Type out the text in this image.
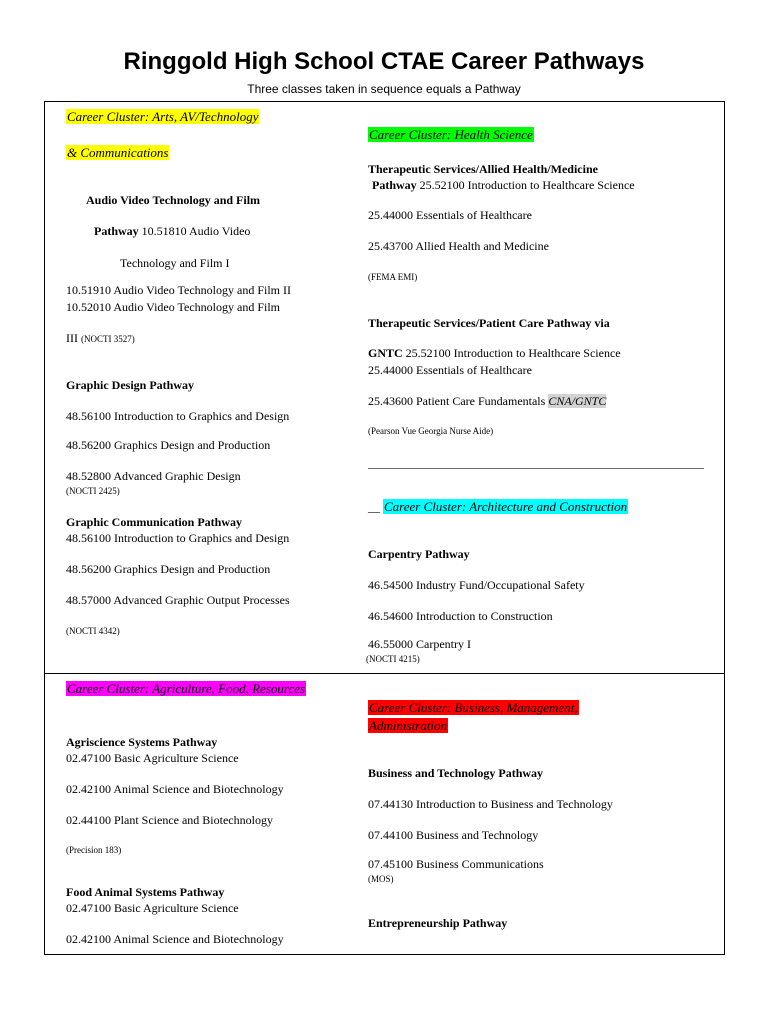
Ringgold High School CTAE Career Pathways
Three classes taken in sequence equals a Pathway
Career Cluster: Arts, AV/Technology
& Communications
Audio Video Technology and Film
Pathway 10.51810 Audio Video
Technology and Film I
10.51910 Audio Video Technology and Film II
10.52010 Audio Video Technology and Film
III (NOCTI 3527)
Graphic Design Pathway
48.56100 Introduction to Graphics and Design
48.56200 Graphics Design and Production
48.52800 Advanced Graphic Design
(NOCTI 2425)
Graphic Communication Pathway
48.56100 Introduction to Graphics and Design
48.56200 Graphics Design and Production
48.57000 Advanced Graphic Output Processes
(NOCTI 4342)
Career Cluster: Health Science
Therapeutic Services/Allied Health/Medicine
Pathway 25.52100 Introduction to Healthcare Science
25.44000 Essentials of Healthcare
25.43700 Allied Health and Medicine
(FEMA EMI)
Therapeutic Services/Patient Care Pathway via
GNTC 25.52100 Introduction to Healthcare Science
25.44000 Essentials of Healthcare
25.43600 Patient Care Fundamentals CNA/GNTC
(Pearson Vue Georgia Nurse Aide)
________________________________________________________
__ Career Cluster: Architecture and Construction
Carpentry Pathway
46.54500 Industry Fund/Occupational Safety
46.54600 Introduction to Construction
46.55000 Carpentry I
(NOCTI 4215)
Career Cluster: Agriculture, Food, Resources
Agriscience Systems Pathway
02.47100 Basic Agriculture Science
02.42100 Animal Science and Biotechnology
02.44100 Plant Science and Biotechnology
(Precision 183)
Food Animal Systems Pathway
02.47100 Basic Agriculture Science
02.42100 Animal Science and Biotechnology
Career Cluster: Business, Management,
Administration
Business and Technology Pathway
07.44130 Introduction to Business and Technology
07.44100 Business and Technology
07.45100 Business Communications
(MOS)
Entrepreneurship Pathway
